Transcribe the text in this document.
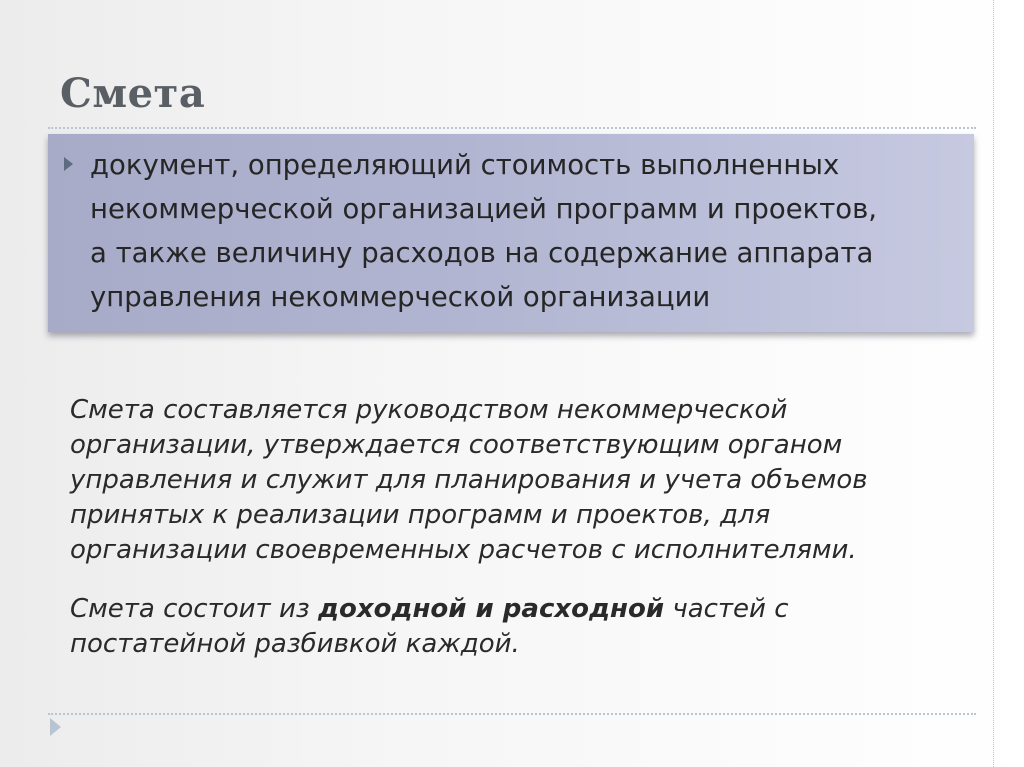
Смета
документ, определяющий стоимость выполненных
некоммерческой организацией программ и проектов,
а также величину расходов на содержание аппарата
управления некоммерческой организации
Смета составляется руководством некоммерческой
организации, утверждается соответствующим органом
управления и служит для планирования и учета объемов
принятых к реализации программ и проектов, для
организации своевременных расчетов с исполнителями.
Смета состоит из доходной и расходной частей с
постатейной разбивкой каждой.
